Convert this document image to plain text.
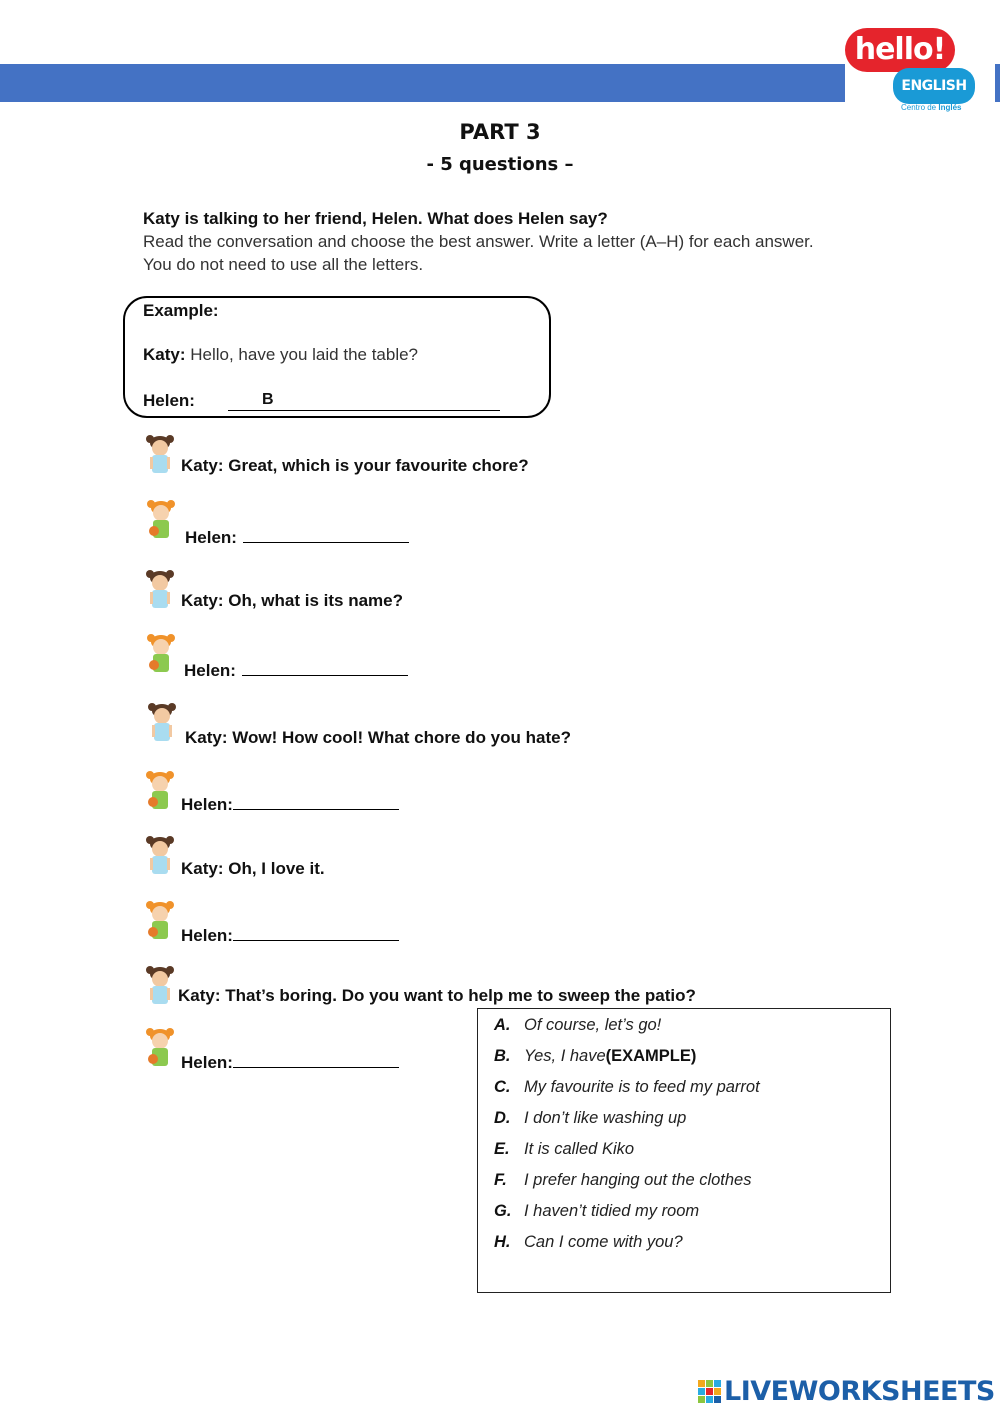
hello!
ENGLISH
Centro de Inglés
PART 3
- 5 questions –
Katy is talking to her friend, Helen. What does Helen say?
Read the conversation and choose the best answer. Write a letter (A–H) for each answer.
You do not need to use all the letters.
Example:
Katy: Hello, have you laid the table?
Helen:	B
Katy: Great, which is your favourite chore?
Helen:
Katy: Oh, what is its name?
Helen:
Katy: Wow! How cool! What chore do you hate?
Helen:
Katy: Oh, I love it.
Helen:
Katy: That’s boring. Do you want to help me to sweep the patio?
Helen:
A. Of course, let’s go!
B. Yes, I have(EXAMPLE)
C. My favourite is to feed my parrot
D. I don’t like washing up
E. It is called Kiko
F. I prefer hanging out the clothes
G. I haven’t tidied my room
H. Can I come with you?
LIVEWORKSHEETS
